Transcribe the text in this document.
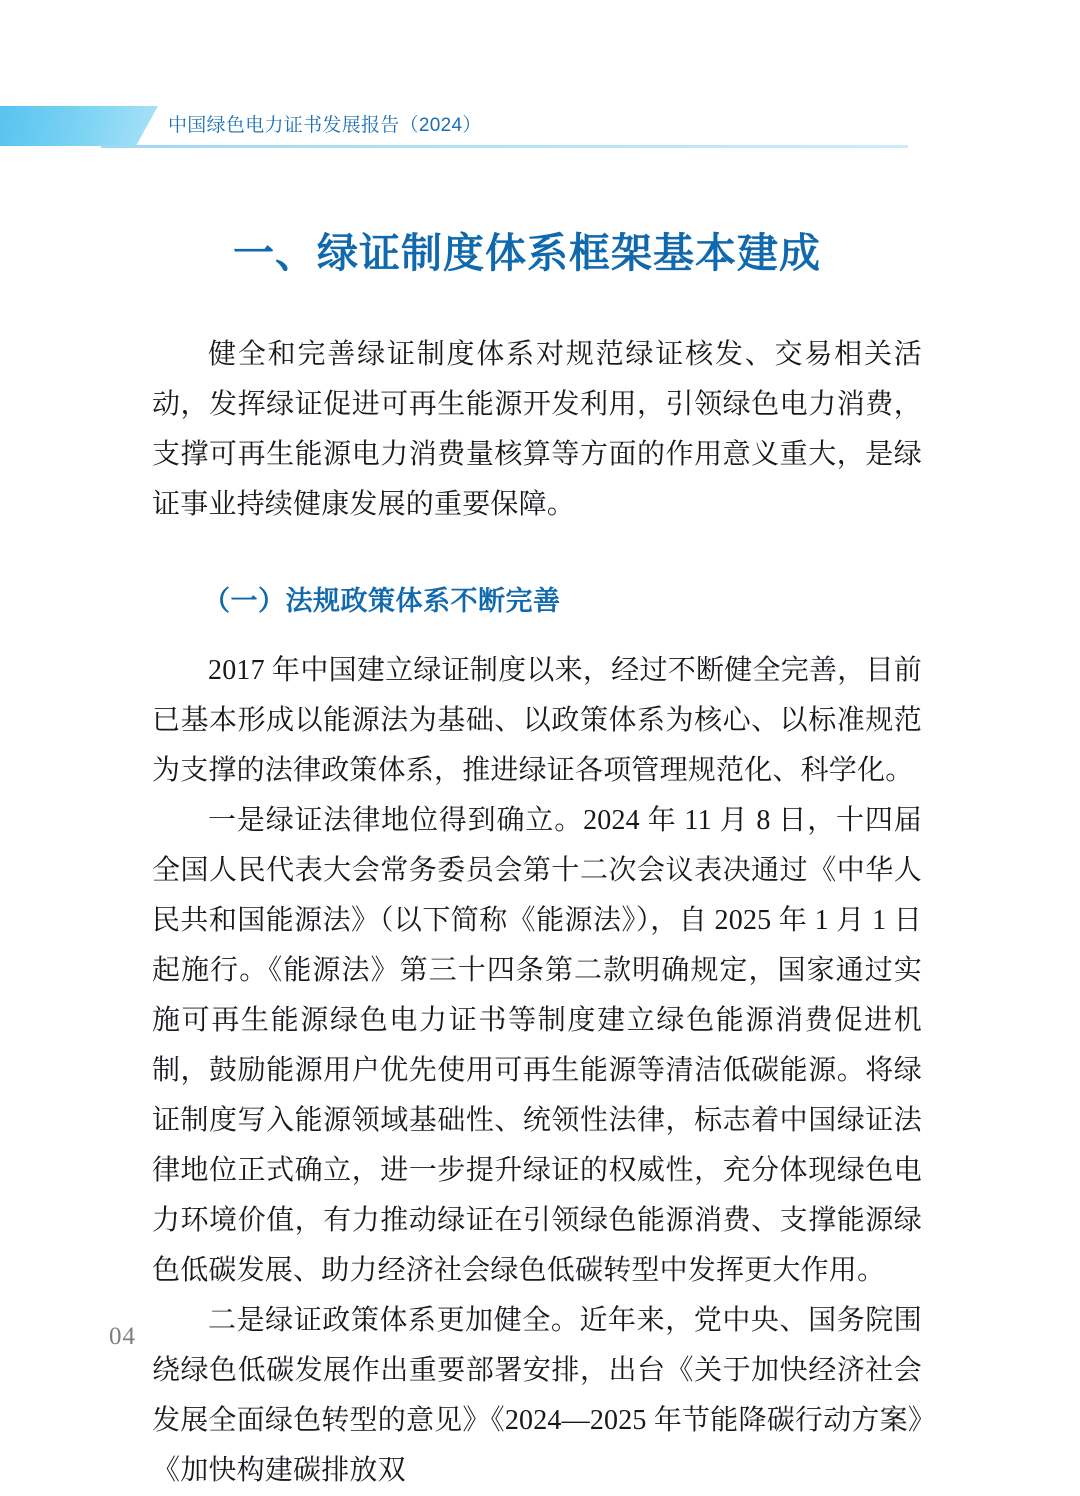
中国绿色电力证书发展报告（2024）
一、绿证制度体系框架基本建成

健全和完善绿证制度体系对规范绿证核发、交易相关活动，发挥绿证促进可再生能源开发利用，引领绿色电力消费，支撑可再生能源电力消费量核算等方面的作用意义重大，是绿证事业持续健康发展的重要保障。

（一）法规政策体系不断完善

2017 年中国建立绿证制度以来，经过不断健全完善，目前已基本形成以能源法为基础、以政策体系为核心、以标准规范为支撑的法律政策体系，推进绿证各项管理规范化、科学化。

一是绿证法律地位得到确立。2024 年 11 月 8 日，十四届全国人民代表大会常务委员会第十二次会议表决通过《中华人民共和国能源法》（以下简称《能源法》），自 2025 年 1 月 1 日起施行。《能源法》第三十四条第二款明确规定，国家通过实施可再生能源绿色电力证书等制度建立绿色能源消费促进机制，鼓励能源用户优先使用可再生能源等清洁低碳能源。将绿证制度写入能源领域基础性、统领性法律，标志着中国绿证法律地位正式确立，进一步提升绿证的权威性，充分体现绿色电力环境价值，有力推动绿证在引领绿色能源消费、支撑能源绿色低碳发展、助力经济社会绿色低碳转型中发挥更大作用。

二是绿证政策体系更加健全。近年来，党中央、国务院围绕绿色低碳发展作出重要部署安排，出台《关于加快经济社会发展全面绿色转型的意见》《2024—2025 年节能降碳行动方案》《加快构建碳排放双

04
